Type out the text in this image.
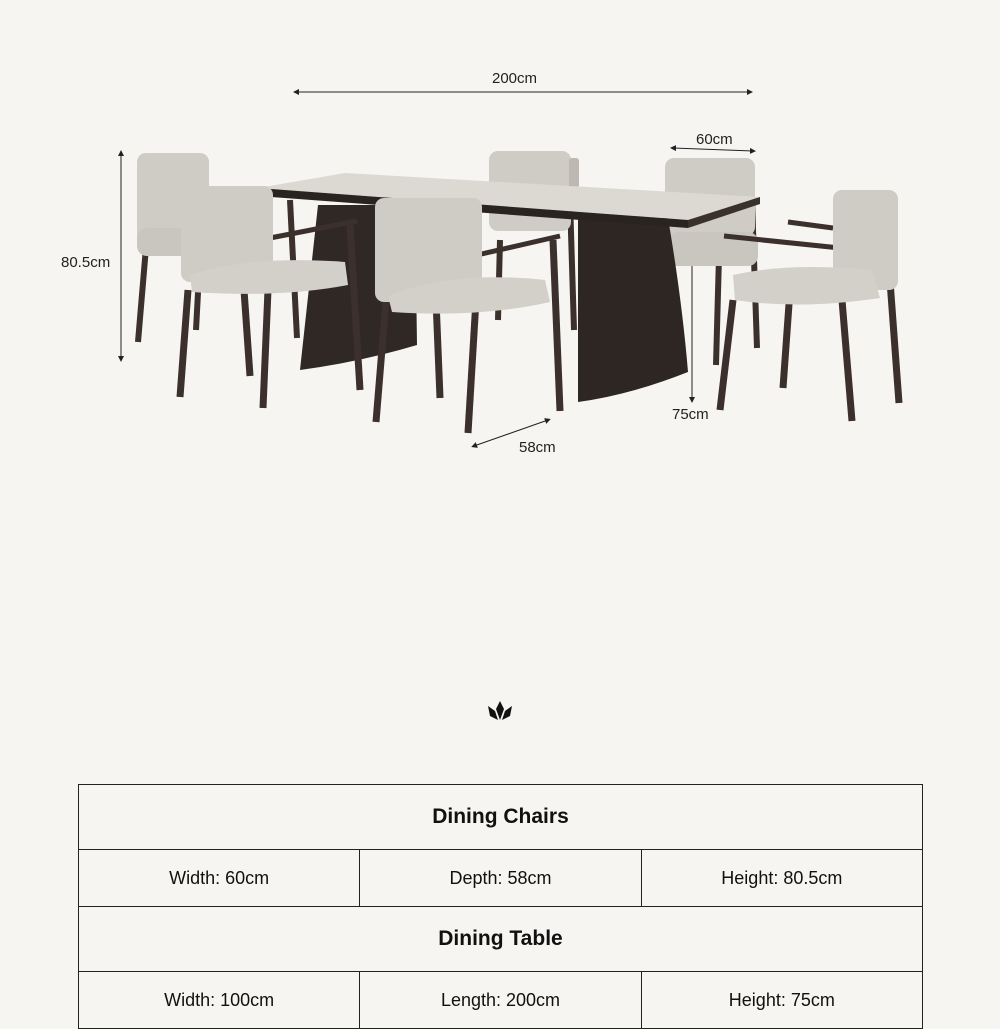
200cm
60cm
80.5cm
75cm
58cm
Dining Chairs		
Width: 60cm	Depth: 58cm	Height: 80.5cm
Dining Table		
Width: 100cm	Length: 200cm	Height: 75cm
